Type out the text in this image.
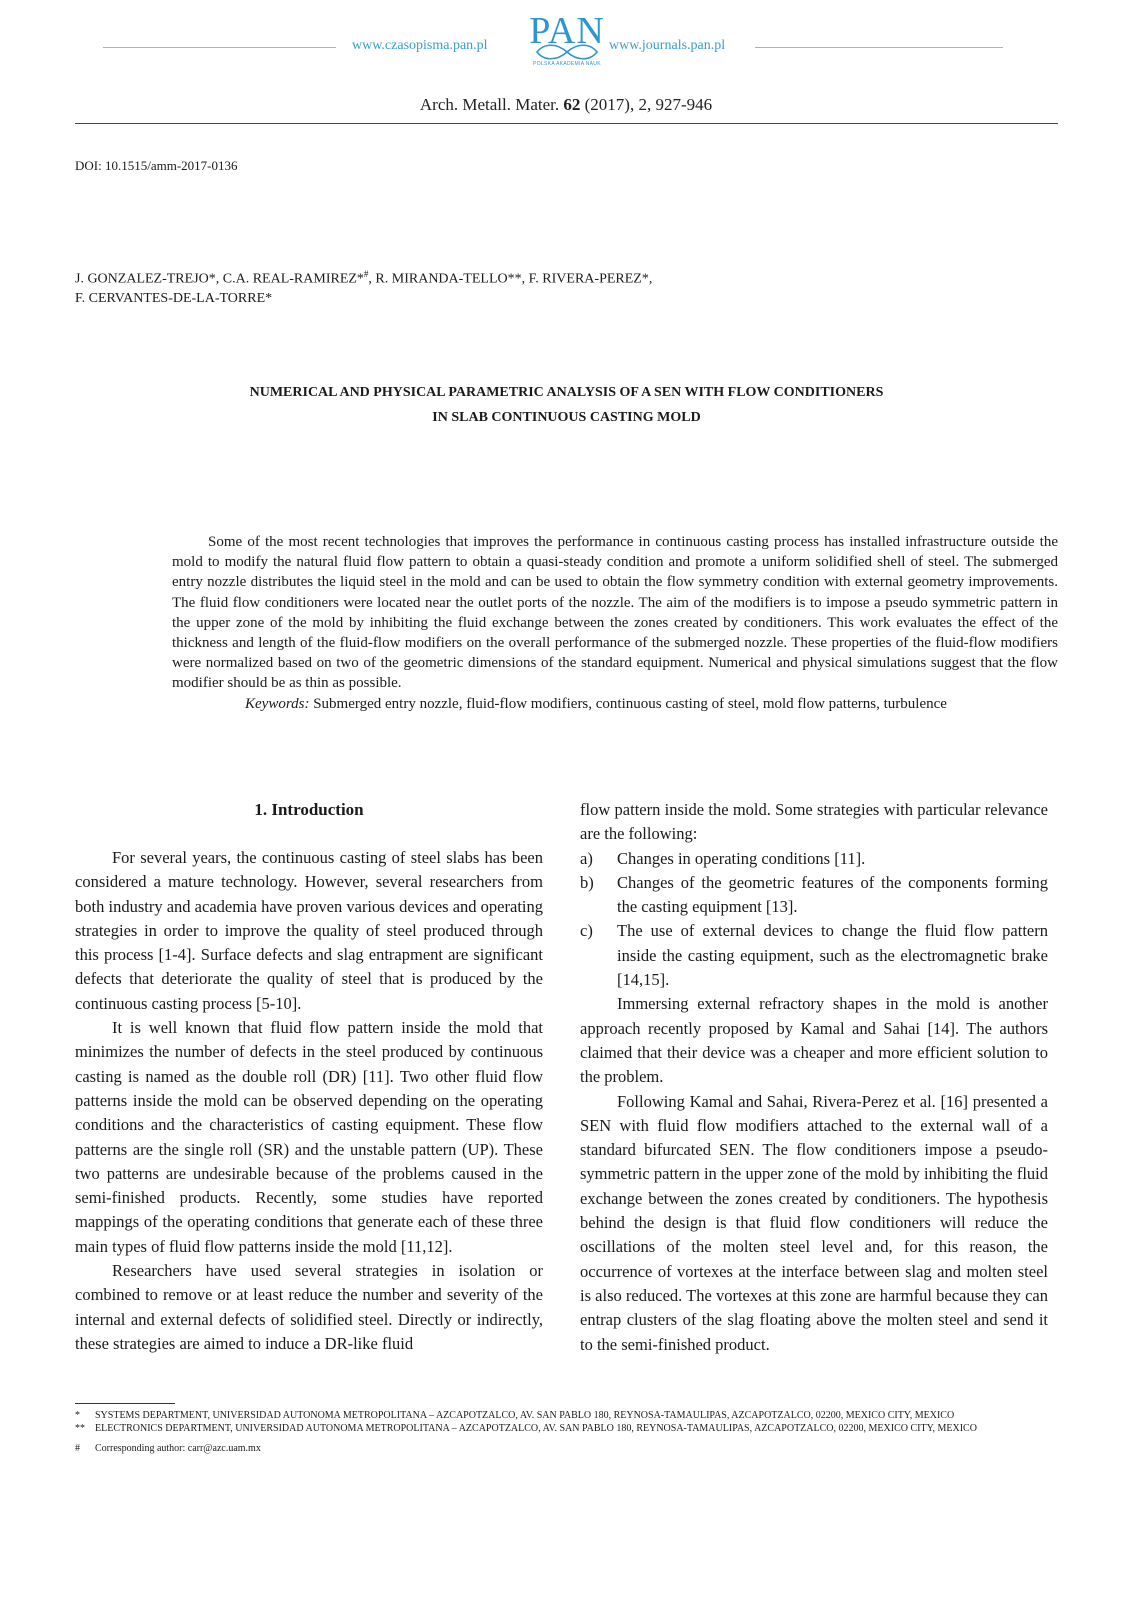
www.czasopisma.pan.pl	PAN
POLSKA AKADEMIA NAUK
www.journals.pan.pl
Arch. Metall. Mater. 62 (2017), 2, 927-946
DOI: 10.1515/amm-2017-0136
J. GONZALEZ-TREJO*, C.A. REAL-RAMIREZ*#, R. MIRANDA-TELLO**, F. RIVERA-PEREZ*,
F. CERVANTES-DE-LA-TORRE*
NUMERICAL AND PHYSICAL PARAMETRIC ANALYSIS OF A SEN WITH FLOW CONDITIONERS
IN SLAB CONTINUOUS CASTING MOLD

Some of the most recent technologies that improves the performance in continuous casting process has installed infrastructure outside the mold to modify the natural fluid flow pattern to obtain a quasi-steady condition and promote a uniform solidified shell of steel. The submerged entry nozzle distributes the liquid steel in the mold and can be used to obtain the flow symmetry condition with external geometry improvements. The fluid flow conditioners were located near the outlet ports of the nozzle. The aim of the modifiers is to impose a pseudo symmetric pattern in the upper zone of the mold by inhibiting the fluid exchange between the zones created by conditioners. This work evaluates the effect of the thickness and length of the fluid-flow modifiers on the overall performance of the submerged nozzle. These properties of the fluid-flow modifiers were normalized based on two of the geometric dimensions of the standard equipment. Numerical and physical simulations suggest that the flow modifier should be as thin as possible.

Keywords: Submerged entry nozzle, fluid-flow modifiers, continuous casting of steel, mold flow patterns, turbulence

1. Introduction

For several years, the continuous casting of steel slabs has been considered a mature technology. However, several researchers from both industry and academia have proven various devices and operating strategies in order to improve the quality of steel produced through this process [1-4]. Surface defects and slag entrapment are significant defects that deteriorate the quality of steel that is produced by the continuous casting process [5-10].

It is well known that fluid flow pattern inside the mold that minimizes the number of defects in the steel produced by continuous casting is named as the double roll (DR) [11]. Two other fluid flow patterns inside the mold can be observed depending on the operating conditions and the characteristics of casting equipment. These flow patterns are the single roll (SR) and the unstable pattern (UP). These two patterns are undesirable because of the problems caused in the semi-finished products. Recently, some studies have reported mappings of the operating conditions that generate each of these three main types of fluid flow patterns inside the mold [11,12].

Researchers have used several strategies in isolation or combined to remove or at least reduce the number and severity of the internal and external defects of solidified steel. Directly or indirectly, these strategies are aimed to induce a DR-like fluid

flow pattern inside the mold. Some strategies with particular relevance are the following:

a)	Changes in operating conditions [11].
b)	Changes of the geometric features of the components forming the casting equipment [13].
c)	The use of external devices to change the fluid flow pattern inside the casting equipment, such as the electromagnetic brake [14,15].

Immersing external refractory shapes in the mold is another approach recently proposed by Kamal and Sahai [14]. The authors claimed that their device was a cheaper and more efficient solution to the problem.

Following Kamal and Sahai, Rivera-Perez et al. [16] presented a SEN with fluid flow modifiers attached to the external wall of a standard bifurcated SEN. The flow conditioners impose a pseudo-symmetric pattern in the upper zone of the mold by inhibiting the fluid exchange between the zones created by conditioners. The hypothesis behind the design is that fluid flow conditioners will reduce the oscillations of the molten steel level and, for this reason, the occurrence of vortexes at the interface between slag and molten steel is also reduced. The vortexes at this zone are harmful because they can entrap clusters of the slag floating above the molten steel and send it to the semi-finished product.

*	SYSTEMS DEPARTMENT, UNIVERSIDAD AUTONOMA METROPOLITANA – AZCAPOTZALCO, AV. SAN PABLO 180, REYNOSA-TAMAULIPAS, AZCAPOTZALCO, 02200, MEXICO CITY, MEXICO
**	ELECTRONICS DEPARTMENT, UNIVERSIDAD AUTONOMA METROPOLITANA – AZCAPOTZALCO, AV. SAN PABLO 180, REYNOSA-TAMAULIPAS, AZCAPOTZALCO, 02200, MEXICO CITY, MEXICO
#	Corresponding author: carr@azc.uam.mx
